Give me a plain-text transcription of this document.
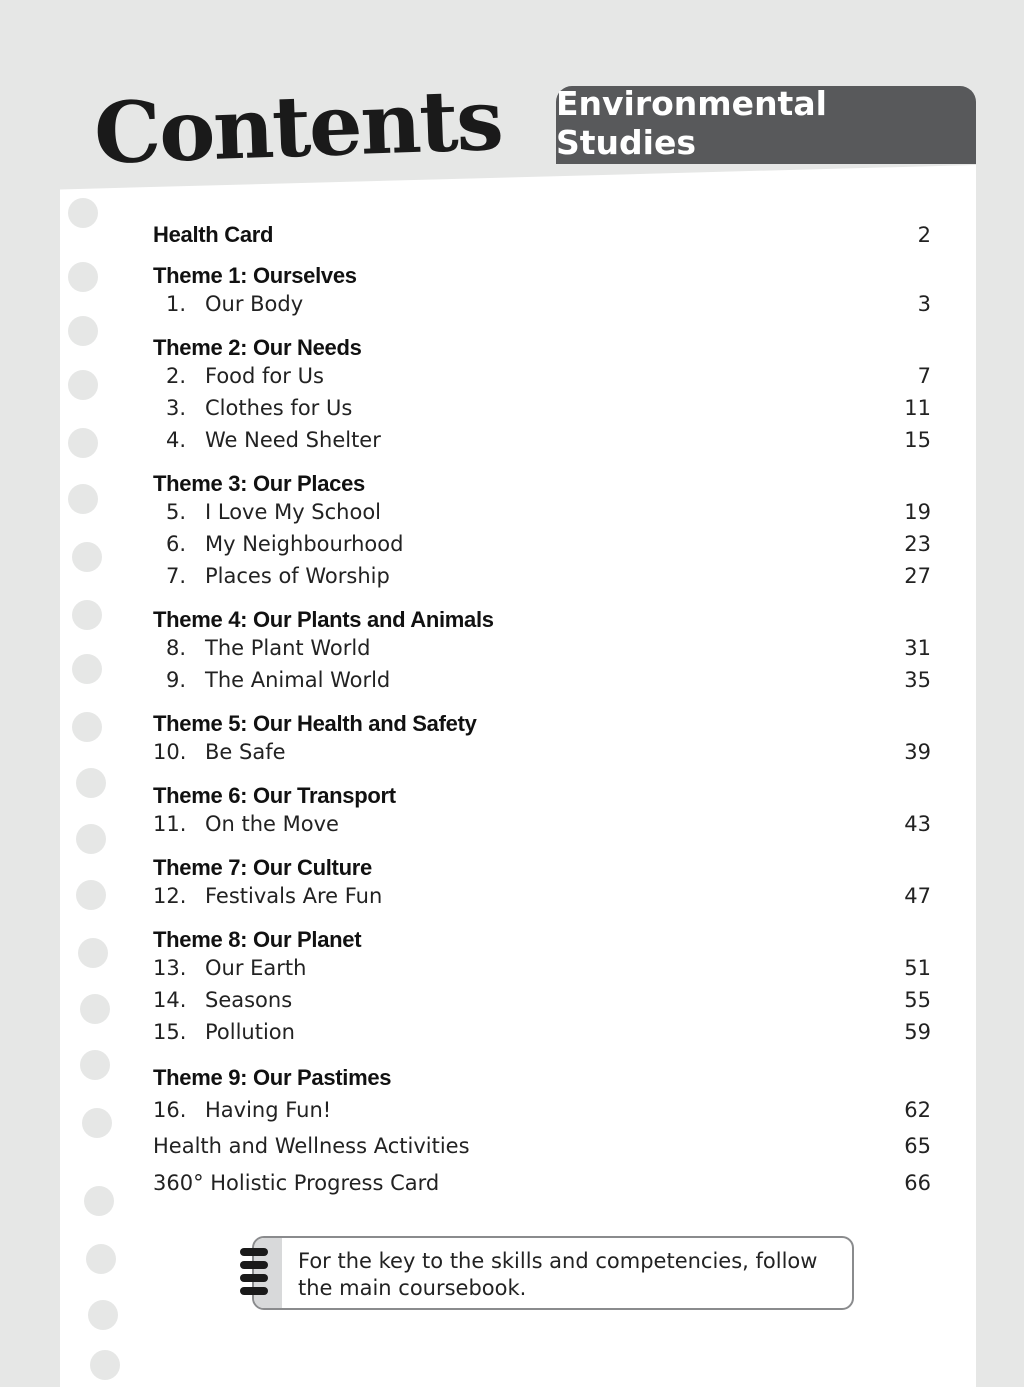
Contents Environmental Studies
Health Card	2
Theme 1: Ourselves
1. Our Body	3
Theme 2: Our Needs
2. Food for Us	7
3. Clothes for Us	11
4. We Need Shelter	15
Theme 3: Our Places
5. I Love My School	19
6. My Neighbourhood	23
7. Places of Worship	27
Theme 4: Our Plants and Animals
8. The Plant World	31
9. The Animal World	35
Theme 5: Our Health and Safety
10. Be Safe	39
Theme 6: Our Transport
11. On the Move	43
Theme 7: Our Culture
12. Festivals Are Fun	47
Theme 8: Our Planet
13. Our Earth	51
14. Seasons	55
15. Pollution	59
Theme 9: Our Pastimes
16. Having Fun!	62
Health and Wellness Activities	65
360° Holistic Progress Card	66
For the key to the skills and competencies, follow the main coursebook.
